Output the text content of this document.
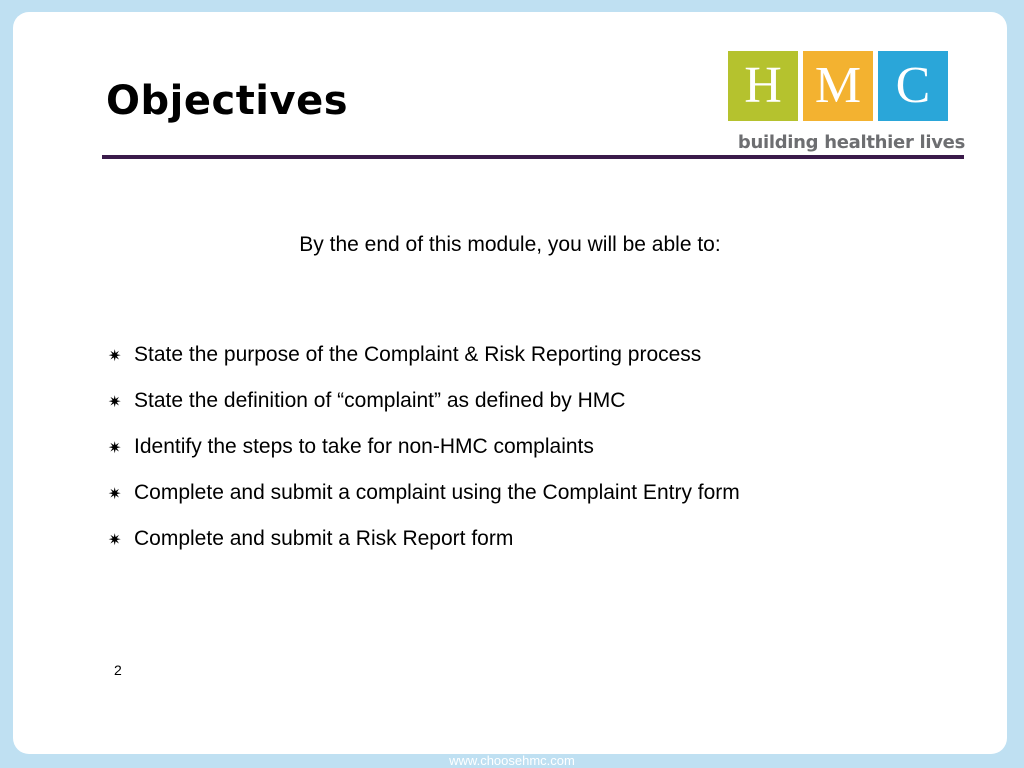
Objectives	H M C
building healthier lives
By the end of this module, you will be able to:
✷ State the purpose of the Complaint & Risk Reporting process
✷ State the definition of “complaint” as defined by HMC
✷ Identify the steps to take for non-HMC complaints
✷ Complete and submit a complaint using the Complaint Entry form
✷ Complete and submit a Risk Report form
2
www.choosehmc.com
